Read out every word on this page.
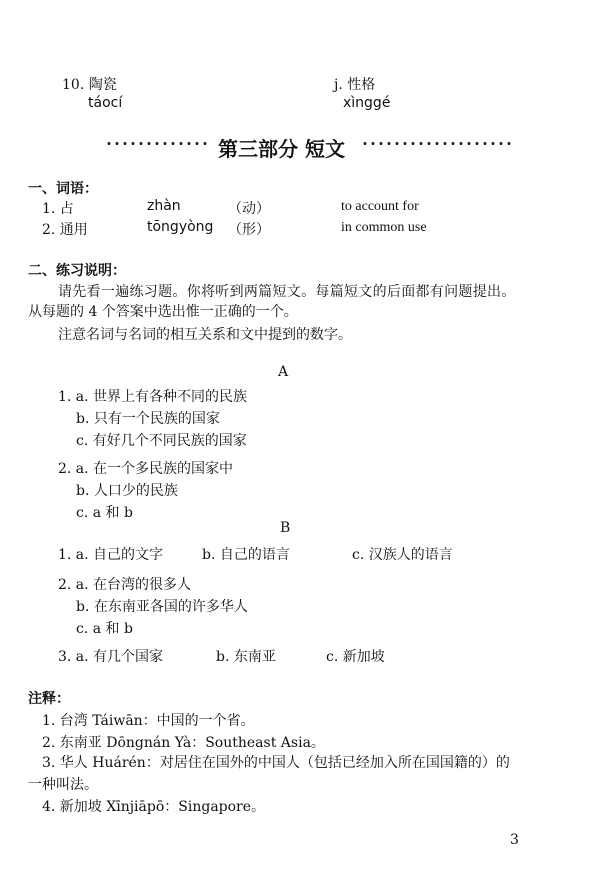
10. 陶瓷
táocí
j. 性格
xìnggé
第三部分 短文
一、词语：
1. 占	zhàn	（动）	to account for
2. 通用	tōngyòng （形）	in common use
二、练习说明：
请先看一遍练习题。你将听到两篇短文。每篇短文的后面都有问题提出。
从每题的 4 个答案中选出惟一正确的一个。
注意名词与名词的相互关系和文中提到的数字。
A
1. a. 世界上有各种不同的民族
b. 只有一个民族的国家
c. 有好几个不同民族的国家
2. a. 在一个多民族的国家中
b. 人口少的民族
c. a 和 b
B
1. a. 自己的文字	b. 自己的语言	c. 汉族人的语言
2. a. 在台湾的很多人
b. 在东南亚各国的许多华人
c. a 和 b
3. a. 有几个国家	b. 东南亚	c. 新加坡
注释：
1. 台湾 Táiwān：中国的一个省。
2. 东南亚 Dōngnán Yà：Southeast Asia。
3. 华人 Huárén：对居住在国外的中国人（包括已经加入所在国国籍的）的
一种叫法。
4. 新加坡 Xīnjiāpō：Singapore。
3
